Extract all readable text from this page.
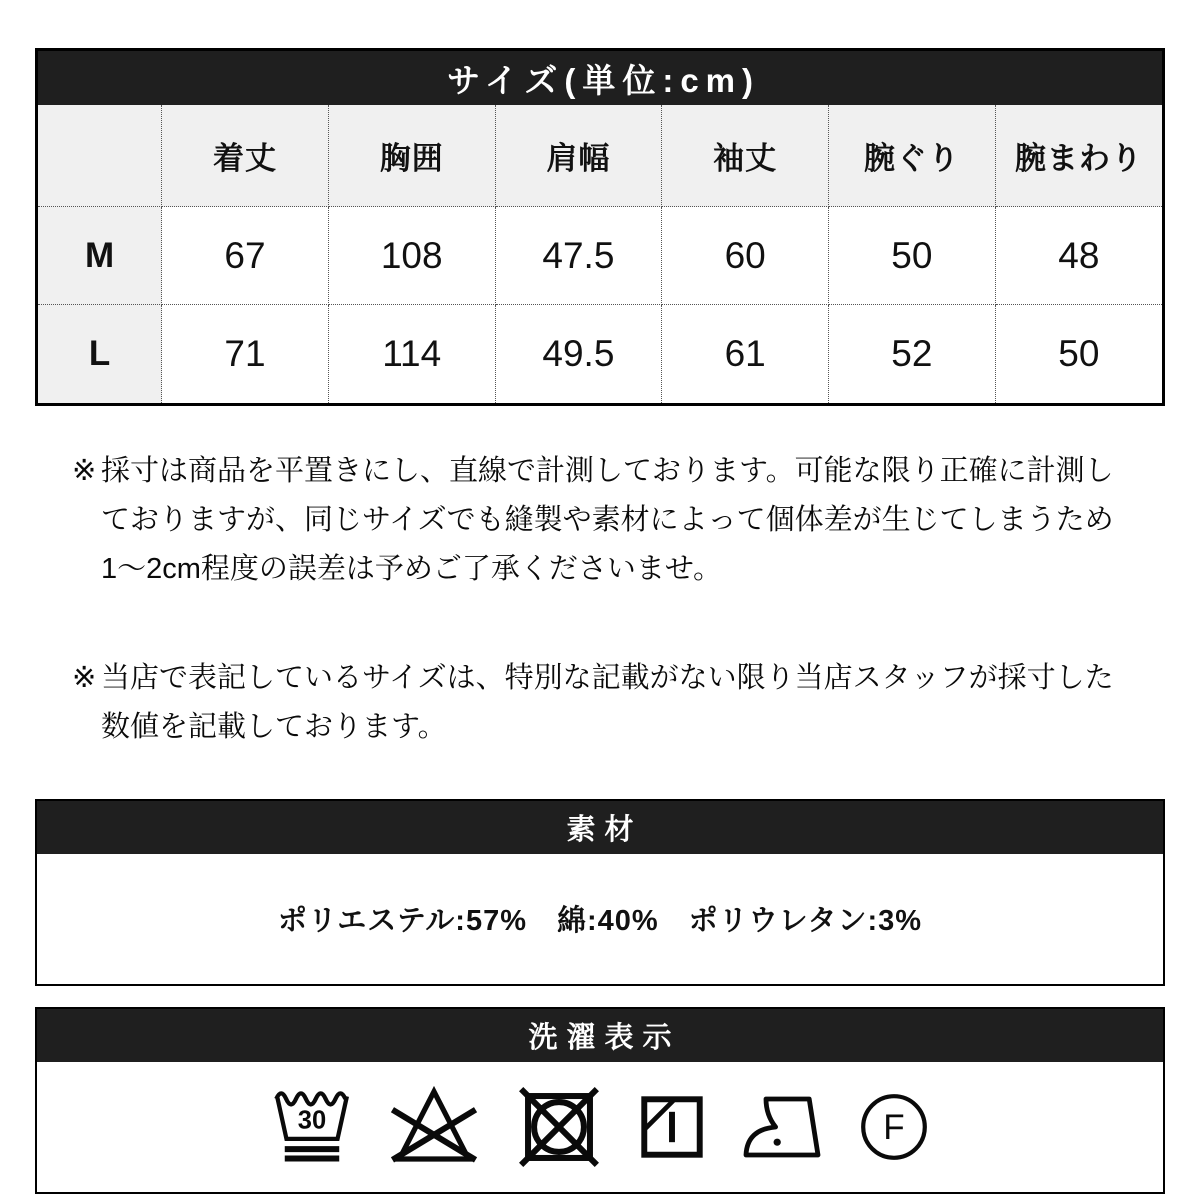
サイズ(単位:cm)
	着丈	胸囲	肩幅	袖丈	腕ぐり	腕まわり
M	67	108	47.5	60	50	48
L	71	114	49.5	61	52	50

※ 採寸は商品を平置きにし、直線で計測しております。可能な限り正確に計測しておりますが、同じサイズでも縫製や素材によって個体差が生じてしまうため1〜2cm程度の誤差は予めご了承くださいませ。

※ 当店で表記しているサイズは、特別な記載がない限り当店スタッフが採寸した数値を記載しております。

素材
ポリエステル:57%　綿:40%　ポリウレタン:3%
洗濯表示
30	F
